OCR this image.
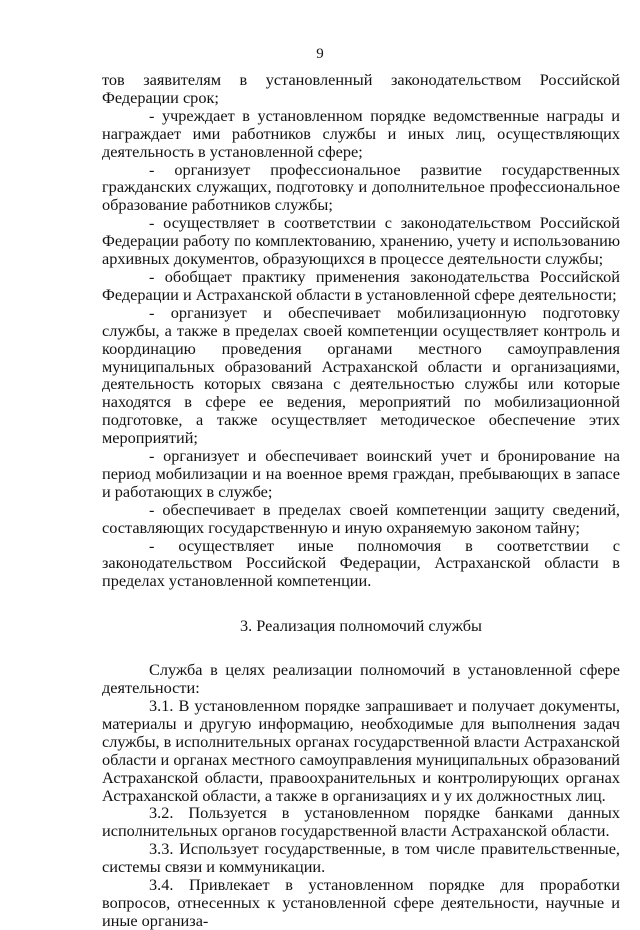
9

тов заявителям в установленный законодательством Российской Федерации срок;

- учреждает в установленном порядке ведомственные награды и награждает ими работников службы и иных лиц, осуществляющих деятельность в установленной сфере;

- организует профессиональное развитие государственных гражданских служащих, подготовку и дополнительное профессиональное образование работников службы;

- осуществляет в соответствии с законодательством Российской Федерации работу по комплектованию, хранению, учету и использованию архивных документов, образующихся в процессе деятельности службы;

- обобщает практику применения законодательства Российской Федерации и Астраханской области в установленной сфере деятельности;

- организует и обеспечивает мобилизационную подготовку службы, а также в пределах своей компетенции осуществляет контроль и координацию проведения органами местного самоуправления муниципальных образований Астраханской области и организациями, деятельность которых связана с деятельностью службы или которые находятся в сфере ее ведения, мероприятий по мобилизационной подготовке, а также осуществляет методическое обеспечение этих мероприятий;

- организует и обеспечивает воинский учет и бронирование на период мобилизации и на военное время граждан, пребывающих в запасе и работающих в службе;

- обеспечивает в пределах своей компетенции защиту сведений, составляющих государственную и иную охраняемую законом тайну;

- осуществляет иные полномочия в соответствии с законодательством Российской Федерации, Астраханской области в пределах установленной компетенции.

3. Реализация полномочий службы

Служба в целях реализации полномочий в установленной сфере деятельности:

3.1. В установленном порядке запрашивает и получает документы, материалы и другую информацию, необходимые для выполнения задач службы, в исполнительных органах государственной власти Астраханской области и органах местного самоуправления муниципальных образований Астраханской области, правоохранительных и контролирующих органах Астраханской области, а также в организациях и у их должностных лиц.

3.2. Пользуется в установленном порядке банками данных исполнительных органов государственной власти Астраханской области.

3.3. Использует государственные, в том числе правительственные, системы связи и коммуникации.

3.4. Привлекает в установленном порядке для проработки вопросов, отнесенных к установленной сфере деятельности, научные и иные организа-
